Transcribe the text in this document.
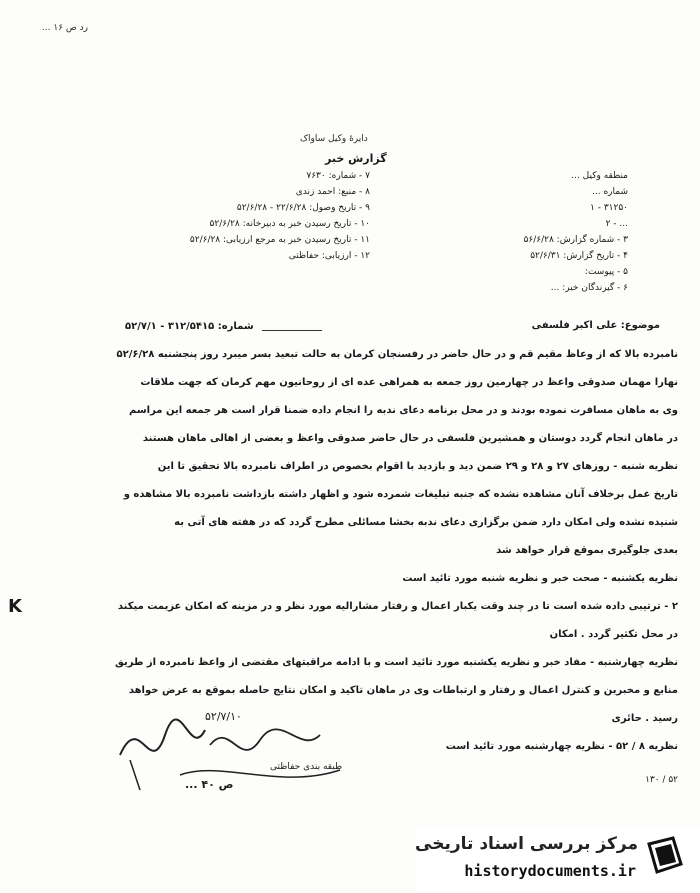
رد ص ۱۶ ...
دایرهٔ وکیل ساواک
گزارش خبر
۷ - شماره: ۷۶۳۰
۸ - منبع: احمد زندی
۹ - تاریخ وصول: ۲۲/۶/۲۸ - ۵۲/۶/۲۸
۱۰ - تاریخ رسیدن خبر به دبیرخانه: ۵۲/۶/۲۸
۱۱ - تاریخ رسیدن خبر به مرجع ارزیابی: ۵۲/۶/۲۸
۱۲ - ارزیابی: حفاظتی
منطقه وکیل ...
شماره ...
۱ - ۳۱۲۵۰
۲ - ...
۳ - شماره گزارش: ۵۶/۶/۲۸
۴ - تاریخ گزارش: ۵۲/۶/۳۱
۵ - پیوست:
۶ - گیرندگان خبر: ...
موضوع: علی اکبر فلسفی
شماره: ۳۱۲/۵۴۱۵ - ۵۲/۷/۱
نامبرده بالا که از وعاظ مقیم قم و در حال حاضر در رفسنجان کرمان به حالت تبعید بسر میبرد روز پنجشنبه ۵۲/۶/۲۸
نهارا مهمان صدوقی واعظ در چهارمین روز جمعه به همراهی عده ای از روحانیون مهم کرمان که جهت ملاقات
وی به ماهان مسافرت نموده بودند و در محل برنامه دعای ندبه را انجام داده ضمنا قرار است هر جمعه این مراسم
در ماهان انجام گردد دوستان و همشیرین فلسفی در حال حاضر صدوقی واعظ و بعضی از اهالی ماهان هستند
نظریه شنبه - روزهای ۲۷ و ۲۸ و ۲۹ ضمن دید و بازدید با اقوام بخصوص در اطراف نامبرده بالا تحقیق تا این
تاریخ عمل برخلاف آنان مشاهده نشده که جنبه تبلیغات شمرده شود و اظهار داشته بازداشت نامبرده بالا مشاهده و
شنیده نشده ولی امکان دارد ضمن برگزاری دعای ندبه بخشا مسائلی مطرح گردد که در هفته های آتی به
بعدی جلوگیری بموقع قرار خواهد شد
نظریه یکشنبه - صحت خبر و نظریه شنبه مورد تائید است
۲ - ترتیبی داده شده است تا در چند وقت یکبار اعمال و رفتار مشارالیه مورد نظر و در مزینه که امکان عزیمت میکند
در محل تکثیر گردد . امکان
نظریه چهارشنبه - مفاد خبر و نظریه یکشنبه مورد تائید است و با ادامه مراقبتهای مقتضی از واعظ نامبرده از طریق
منابع و مخبرین و کنترل اعمال و رفتار و ارتباطات وی در ماهان تاکید و امکان نتایج حاصله بموقع به عرض خواهد
رسید . حائری
نظریه ۸ / ۵۲ - نظریه چهارشنبه مورد تائید است
K
۵۲/۷/۱۰
طبقه بندی حفاظتی
ص ۴۰ ...	۱۳۰ / ۵۲
مرکز بررسی اسناد تاریخی
historydocuments.ir
